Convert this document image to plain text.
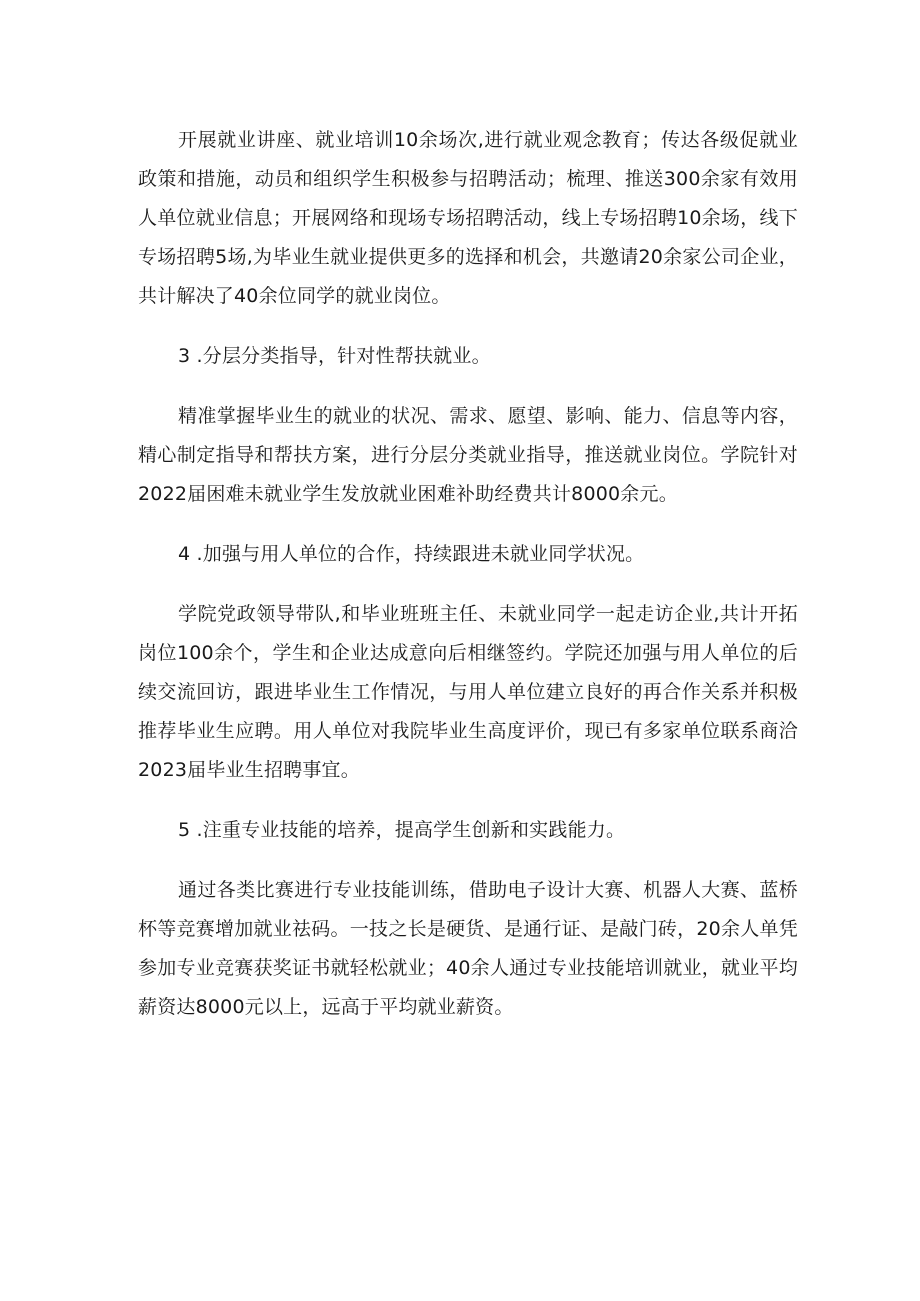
开展就业讲座、就业培训10余场次,进行就业观念教育；传达各级促就业政策和措施，动员和组织学生积极参与招聘活动；梳理、推送300余家有效用人单位就业信息；开展网络和现场专场招聘活动，线上专场招聘10余场，线下专场招聘5场,为毕业生就业提供更多的选择和机会，共邀请20余家公司企业，共计解决了40余位同学的就业岗位。

3 .分层分类指导，针对性帮扶就业。

精准掌握毕业生的就业的状况、需求、愿望、影响、能力、信息等内容，精心制定指导和帮扶方案，进行分层分类就业指导，推送就业岗位。学院针对2022届困难未就业学生发放就业困难补助经费共计8000余元。

4 .加强与用人单位的合作，持续跟进未就业同学状况。

学院党政领导带队,和毕业班班主任、未就业同学一起走访企业,共计开拓岗位100余个，学生和企业达成意向后相继签约。学院还加强与用人单位的后续交流回访，跟进毕业生工作情况，与用人单位建立良好的再合作关系并积极推荐毕业生应聘。用人单位对我院毕业生高度评价，现已有多家单位联系商洽2023届毕业生招聘事宜。

5 .注重专业技能的培养，提高学生创新和实践能力。

通过各类比赛进行专业技能训练，借助电子设计大赛、机器人大赛、蓝桥杯等竞赛增加就业祛码。一技之长是硬货、是通行证、是敲门砖，20余人单凭参加专业竞赛获奖证书就轻松就业；40余人通过专业技能培训就业，就业平均薪资达8000元以上，远高于平均就业薪资。
